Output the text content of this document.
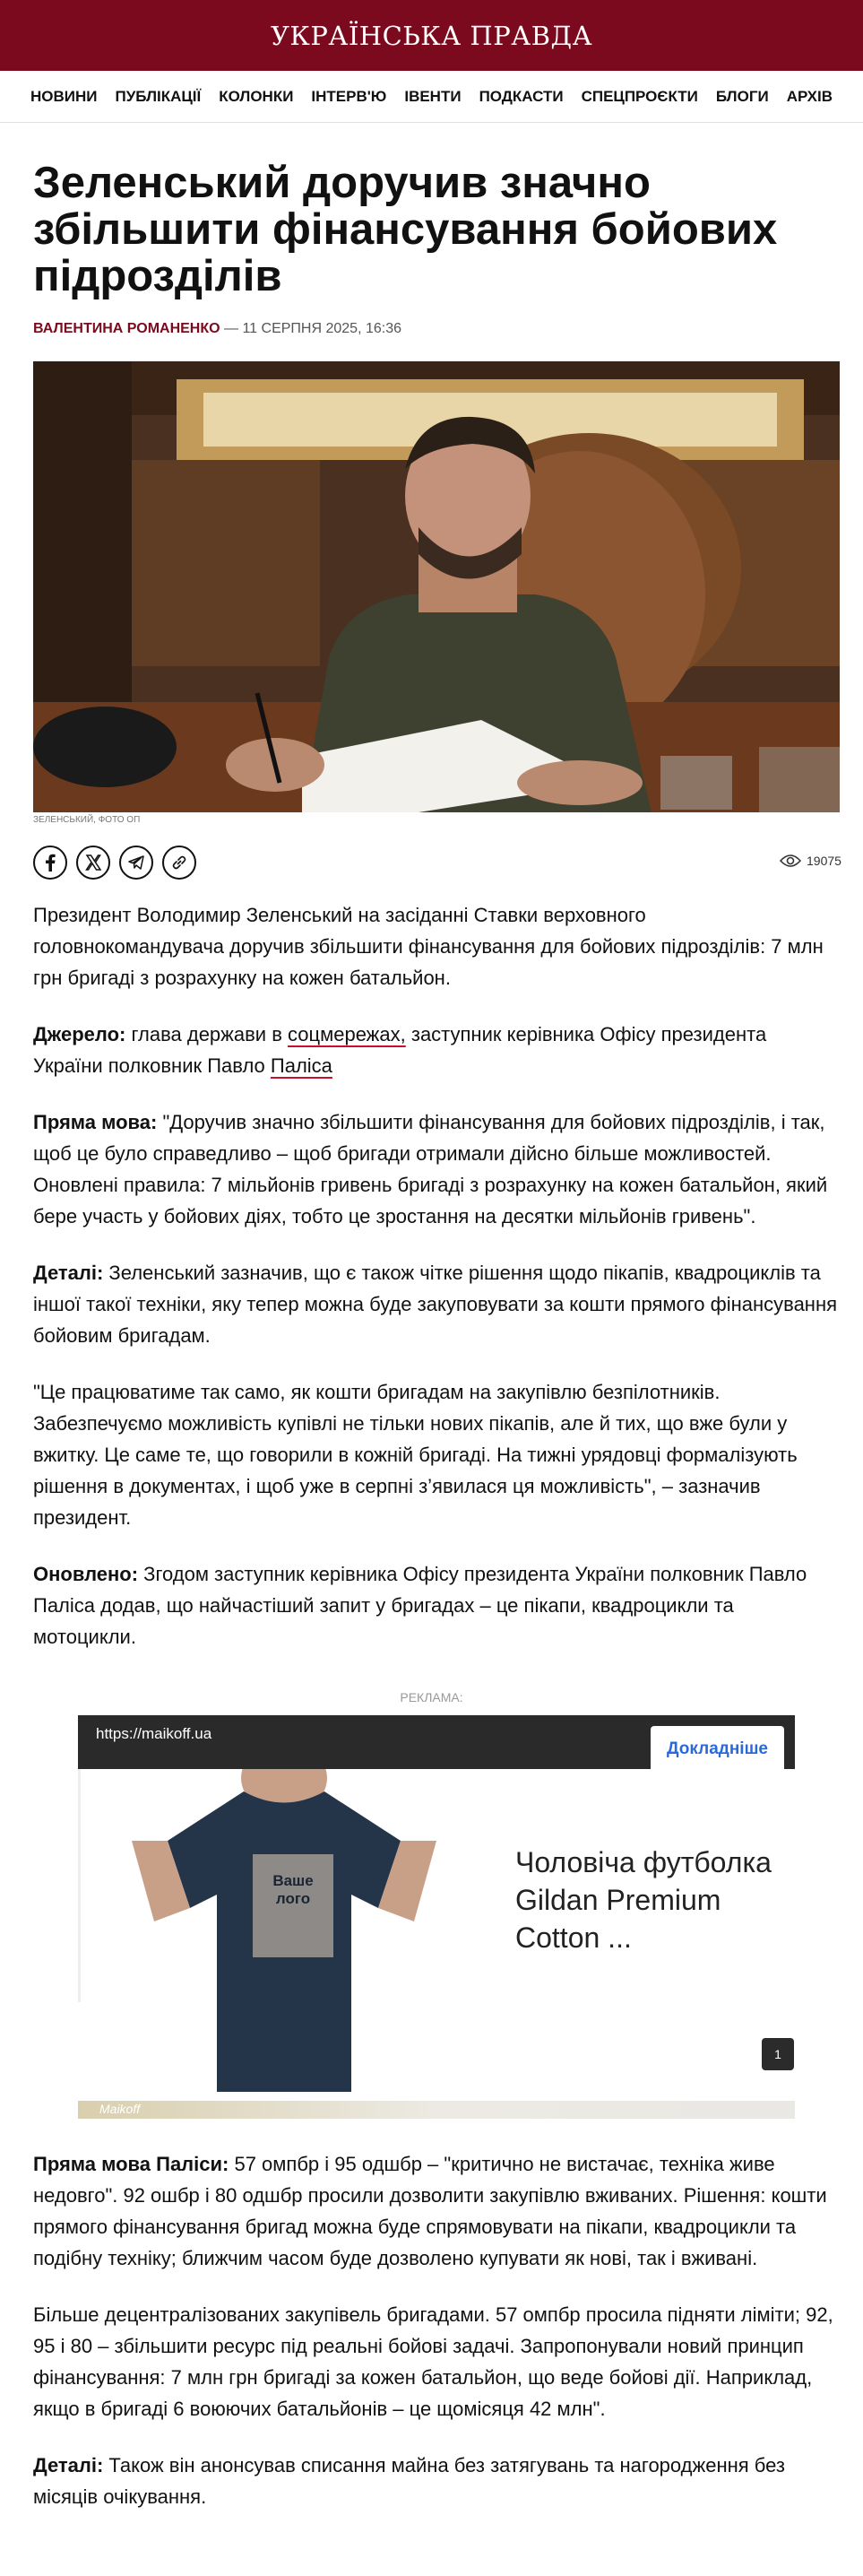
УКРАЇНСЬКА ПРАВДА
НОВИНИ	ПУБЛІКАЦІЇ	КОЛОНКИ	ІНТЕРВ'Ю	ІВЕНТИ	ПОДКАСТИ	СПЕЦПРОЄКТИ	БЛОГИ	АРХІВ
Зеленський доручив значно збільшити фінансування бойових підрозділів
ВАЛЕНТИНА РОМАНЕНКО — 11 СЕРПНЯ 2025, 16:36
ЗЕЛЕНСЬКИЙ, ФОТО ОП
19075

Президент Володимир Зеленський на засіданні Ставки верховного головнокомандувача доручив збільшити фінансування для бойових підрозділів: 7 млн грн бригаді з розрахунку на кожен батальйон.

Джерело: глава держави в соцмережах, заступник керівника Офісу президента України полковник Павло Паліса

Пряма мова: "Доручив значно збільшити фінансування для бойових підрозділів, і так, щоб це було справедливо – щоб бригади отримали дійсно більше можливостей. Оновлені правила: 7 мільйонів гривень бригаді з розрахунку на кожен батальйон, який бере участь у бойових діях, тобто це зростання на десятки мільйонів гривень".

Деталі: Зеленський зазначив, що є також чітке рішення щодо пікапів, квадроциклів та іншої такої техніки, яку тепер можна буде закуповувати за кошти прямого фінансування бойовим бригадам.

"Це працюватиме так само, як кошти бригадам на закупівлю безпілотників. Забезпечуємо можливість купівлі не тільки нових пікапів, але й тих, що вже були у вжитку. Це саме те, що говорили в кожній бригаді. На тижні урядовці формалізують рішення в документах, і щоб уже в серпні з’явилася ця можливість", – зазначив президент.

Оновлено: Згодом заступник керівника Офісу президента України полковник Павло Паліса додав, що найчастіший запит у бригадах – це пікапи, квадроцикли та мотоцикли.

РЕКЛАМА:
https://maikoff.ua
Докладніше
Ваше лого
Чоловіча футболка Gildan Premium Cotton ...
1
Maikoff

Пряма мова Паліси: 57 омпбр і 95 одшбр – "критично не вистачає, техніка живе недовго". 92 ошбр і 80 одшбр просили дозволити закупівлю вживаних. Рішення: кошти прямого фінансування бригад можна буде спрямовувати на пікапи, квадроцикли та подібну техніку; ближчим часом буде дозволено купувати як нові, так і вживані.

Більше децентралізованих закупівель бригадами. 57 омпбр просила підняти ліміти; 92, 95 і 80 – збільшити ресурс під реальні бойові задачі. Запропонували новий принцип фінансування: 7 млн грн бригаді за кожен батальйон, що веде бойові дії. Наприклад, якщо в бригаді 6 воюючих батальйонів – це щомісяця 42 млн".

Деталі: Також він анонсував списання майна без затягувань та нагородження без місяців очікування.
